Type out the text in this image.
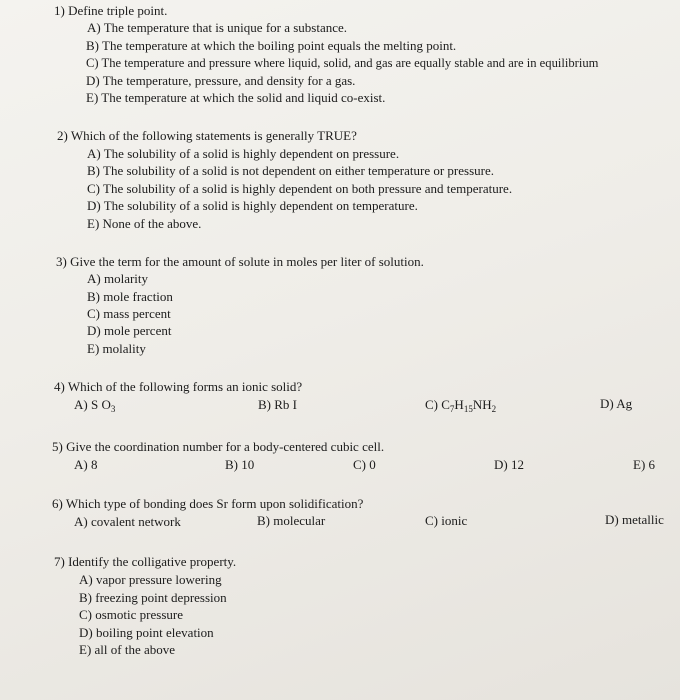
1) Define triple point.
A) The temperature that is unique for a substance.
B) The temperature at which the boiling point equals the melting point.
C) The temperature and pressure where liquid, solid, and gas are equally stable and are in equilibrium
D) The temperature, pressure, and density for a gas.
E) The temperature at which the solid and liquid co-exist.
2) Which of the following statements is generally TRUE?
A) The solubility of a solid is highly dependent on pressure.
B) The solubility of a solid is not dependent on either temperature or pressure.
C) The solubility of a solid is highly dependent on both pressure and temperature.
D) The solubility of a solid is highly dependent on temperature.
E) None of the above.
3) Give the term for the amount of solute in moles per liter of solution.
A) molarity
B) mole fraction
C) mass percent
D) mole percent
E) molality
4) Which of the following forms an ionic solid?
A) S $O_3$	B) Rb I	C) $C_7H_{15}NH_2$	D) Ag
5) Give the coordination number for a body-centered cubic cell.
A) 8	B) 10	C) 0	D) 12	E) 6
6) Which type of bonding does Sr form upon solidification?
A) covalent network	B) molecular	C) ionic	D) metallic
7) Identify the colligative property.
A) vapor pressure lowering
B) freezing point depression
C) osmotic pressure
D) boiling point elevation
E) all of the above
